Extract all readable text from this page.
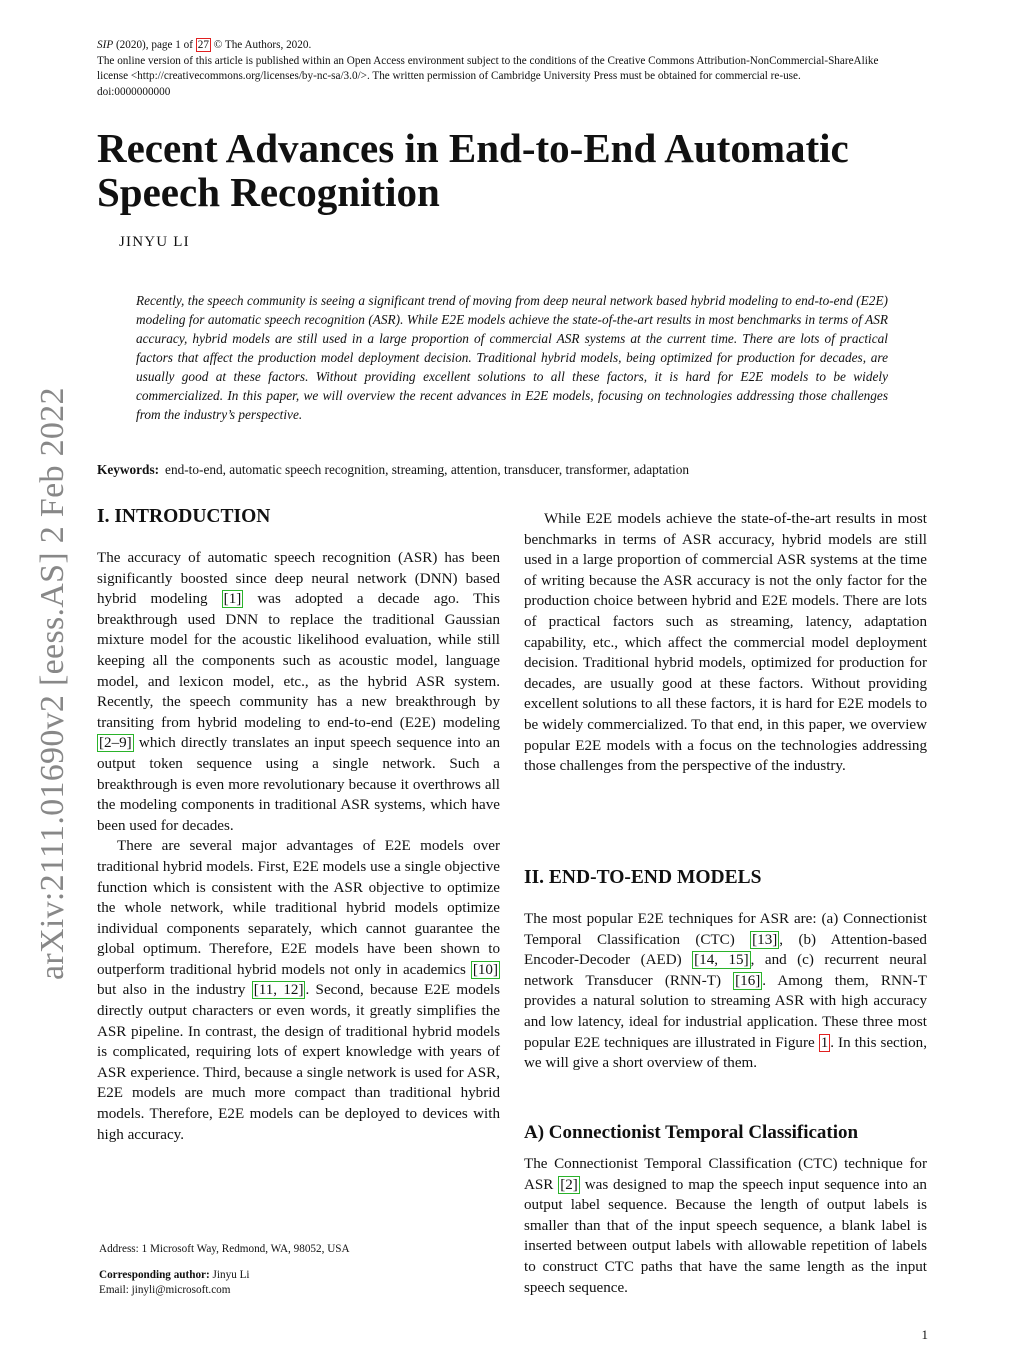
SIP (2020), page 1 of 27 © The Authors, 2020.
The online version of this article is published within an Open Access environment subject to the conditions of the Creative Commons Attribution-NonCommercial-ShareAlike
license <http://creativecommons.org/licenses/by-nc-sa/3.0/>. The written permission of Cambridge University Press must be obtained for commercial re-use.
doi:0000000000
arXiv:2111.01690v2 [eess.AS] 2 Feb 2022
Recent Advances in End-to-End Automatic Speech Recognition
JINYU LI
Recently, the speech community is seeing a significant trend of moving from deep neural network based hybrid modeling to end-to-end (E2E) modeling for automatic speech recognition (ASR). While E2E models achieve the state-of-the-art results in most benchmarks in terms of ASR accuracy, hybrid models are still used in a large proportion of commercial ASR systems at the current time. There are lots of practical factors that affect the production model deployment decision. Traditional hybrid models, being optimized for production for decades, are usually good at these factors. Without providing excellent solutions to all these factors, it is hard for E2E models to be widely commercialized. In this paper, we will overview the recent advances in E2E models, focusing on technologies addressing those challenges from the industry’s perspective.
Keywords: end-to-end, automatic speech recognition, streaming, attention, transducer, transformer, adaptation
I. INTRODUCTION

The accuracy of automatic speech recognition (ASR) has been significantly boosted since deep neural network (DNN) based hybrid modeling [1] was adopted a decade ago. This breakthrough used DNN to replace the traditional Gaussian mixture model for the acoustic likelihood evaluation, while still keeping all the components such as acoustic model, language model, and lexicon model, etc., as the hybrid ASR system. Recently, the speech community has a new breakthrough by transiting from hybrid modeling to end-to-end (E2E) modeling [2–9] which directly translates an input speech sequence into an output token sequence using a single network. Such a breakthrough is even more revolutionary because it overthrows all the modeling components in traditional ASR systems, which have been used for decades.

There are several major advantages of E2E models over traditional hybrid models. First, E2E models use a single objective function which is consistent with the ASR objective to optimize the whole network, while traditional hybrid models optimize individual components separately, which cannot guarantee the global optimum. Therefore, E2E models have been shown to outperform traditional hybrid models not only in academics [10] but also in the industry [11, 12] . Second, because E2E models directly output characters or even words, it greatly simplifies the ASR pipeline. In contrast, the design of traditional hybrid models is complicated, requiring lots of expert knowledge with years of ASR experience. Third, because a single network is used for ASR, E2E models are much more compact than traditional hybrid models. Therefore, E2E models can be deployed to devices with high accuracy.

Address: 1 Microsoft Way, Redmond, WA, 98052, USA
Corresponding author: Jinyu Li
Email: jinyli@microsoft.com

While E2E models achieve the state-of-the-art results in most benchmarks in terms of ASR accuracy, hybrid models are still used in a large proportion of commercial ASR systems at the time of writing because the ASR accuracy is not the only factor for the production choice between hybrid and E2E models. There are lots of practical factors such as streaming, latency, adaptation capability, etc., which affect the commercial model deployment decision. Traditional hybrid models, optimized for production for decades, are usually good at these factors. Without providing excellent solutions to all these factors, it is hard for E2E models to be widely commercialized. To that end, in this paper, we overview popular E2E models with a focus on the technologies addressing those challenges from the perspective of the industry.

II. END-TO-END MODELS

The most popular E2E techniques for ASR are: (a) Connectionist Temporal Classification (CTC) [13] , (b) Attention-based Encoder-Decoder (AED) [14, 15] , and (c) recurrent neural network Transducer (RNN-T) [16] . Among them, RNN-T provides a natural solution to streaming ASR with high accuracy and low latency, ideal for industrial application. These three most popular E2E techniques are illustrated in Figure 1 . In this section, we will give a short overview of them.

A) Connectionist Temporal Classification

The Connectionist Temporal Classification (CTC) technique for ASR [2] was designed to map the speech input sequence into an output label sequence. Because the length of output labels is smaller than that of the input speech sequence, a blank label is inserted between output labels with allowable repetition of labels to construct CTC paths that have the same length as the input speech sequence.

1
